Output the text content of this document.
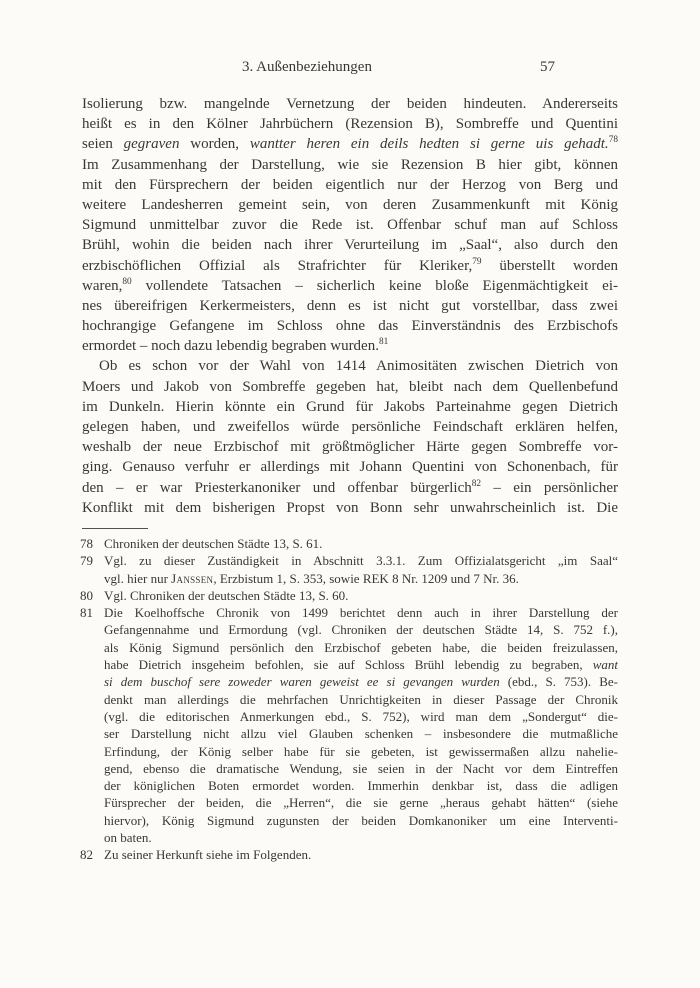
3. Außenbeziehungen	57
Isolierung bzw. mangelnde Vernetzung der beiden hindeuten. Andererseits
heißt es in den Kölner Jahrbüchern (Rezension B), Sombreffe und Quentini
seien gegraven worden, wantter heren ein deils hedten si gerne uis gehadt.$^{78}$
Im Zusammenhang der Darstellung, wie sie Rezension B hier gibt, können
mit den Fürsprechern der beiden eigentlich nur der Herzog von Berg und
weitere Landesherren gemeint sein, von deren Zusammenkunft mit König
Sigmund unmittelbar zuvor die Rede ist. Offenbar schuf man auf Schloss
Brühl, wohin die beiden nach ihrer Verurteilung im „Saal“, also durch den
erzbischöflichen Offizial als Strafrichter für Kleriker,$^{79}$ überstellt worden
waren,$^{80}$ vollendete Tatsachen – sicherlich keine bloße Eigenmächtigkeit ei-
nes übereifrigen Kerkermeisters, denn es ist nicht gut vorstellbar, dass zwei
hochrangige Gefangene im Schloss ohne das Einverständnis des Erzbischofs
ermordet – noch dazu lebendig begraben wurden.$^{81}$
Ob es schon vor der Wahl von 1414 Animositäten zwischen Dietrich von
Moers und Jakob von Sombreffe gegeben hat, bleibt nach dem Quellenbefund
im Dunkeln. Hierin könnte ein Grund für Jakobs Parteinahme gegen Dietrich
gelegen haben, und zweifellos würde persönliche Feindschaft erklären helfen,
weshalb der neue Erzbischof mit größtmöglicher Härte gegen Sombreffe vor-
ging. Genauso verfuhr er allerdings mit Johann Quentini von Schonenbach, für
den – er war Priesterkanoniker und offenbar bürgerlich$^{82}$ – ein persönlicher
Konflikt mit dem bisherigen Propst von Bonn sehr unwahrscheinlich ist. Die
78 Chroniken der deutschen Städte 13, S. 61.
79 Vgl. zu dieser Zuständigkeit in Abschnitt 3.3.1. Zum Offizialatsgericht „im Saal“
vgl. hier nur Janssen, Erzbistum 1, S. 353, sowie REK 8 Nr. 1209 und 7 Nr. 36.
80 Vgl. Chroniken der deutschen Städte 13, S. 60.
81 Die Koelhoffsche Chronik von 1499 berichtet denn auch in ihrer Darstellung der
Gefangennahme und Ermordung (vgl. Chroniken der deutschen Städte 14, S. 752 f.),
als König Sigmund persönlich den Erzbischof gebeten habe, die beiden freizulassen,
habe Dietrich insgeheim befohlen, sie auf Schloss Brühl lebendig zu begraben, want
si dem buschof sere zoweder waren geweist ee si gevangen wurden (ebd., S. 753). Be-
denkt man allerdings die mehrfachen Unrichtigkeiten in dieser Passage der Chronik
(vgl. die editorischen Anmerkungen ebd., S. 752), wird man dem „Sondergut“ die-
ser Darstellung nicht allzu viel Glauben schenken – insbesondere die mutmaßliche
Erfindung, der König selber habe für sie gebeten, ist gewissermaßen allzu nahelie-
gend, ebenso die dramatische Wendung, sie seien in der Nacht vor dem Eintreffen
der königlichen Boten ermordet worden. Immerhin denkbar ist, dass die adligen
Fürsprecher der beiden, die „Herren“, die sie gerne „heraus gehabt hätten“ (siehe
hiervor), König Sigmund zugunsten der beiden Domkanoniker um eine Interventi-
on baten.
82 Zu seiner Herkunft siehe im Folgenden.
